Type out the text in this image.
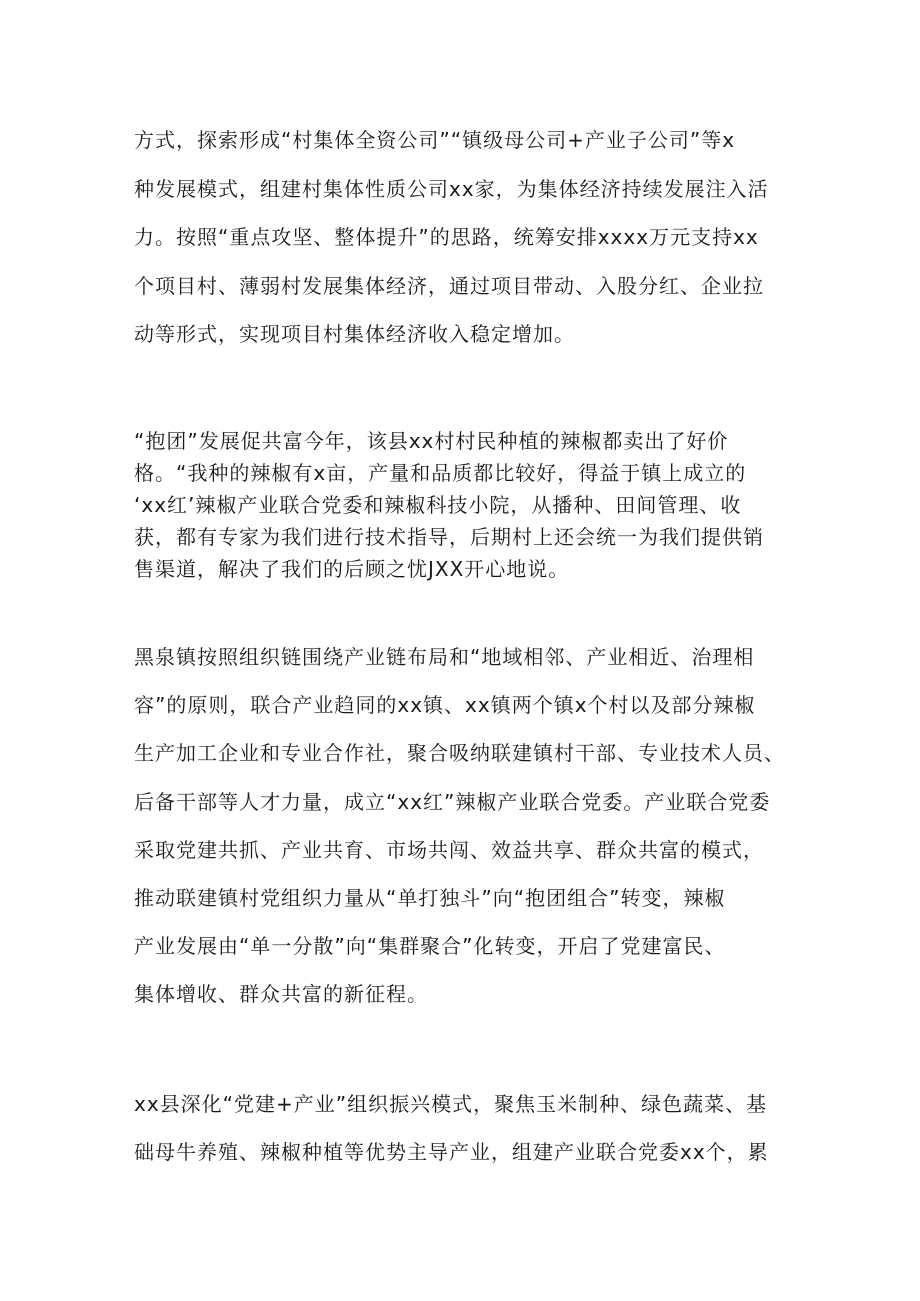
方式，探索形成“村集体全资公司”“镇级母公司+产业子公司”等x
种发展模式，组建村集体性质公司xx家，为集体经济持续发展注入活
力。按照“重点攻坚、整体提升”的思路，统筹安排xxxx万元支持xx
个项目村、薄弱村发展集体经济，通过项目带动、入股分红、企业拉
动等形式，实现项目村集体经济收入稳定增加。

“抱团”发展促共富今年，该县xx村村民种植的辣椒都卖出了好价
格。“我种的辣椒有x亩，产量和品质都比较好，得益于镇上成立的
‘xx红’辣椒产业联合党委和辣椒科技小院，从播种、田间管理、收
获，都有专家为我们进行技术指导，后期村上还会统一为我们提供销
售渠道，解决了我们的后顾之忧JXX开心地说。

黑泉镇按照组织链围绕产业链布局和“地域相邻、产业相近、治理相
容”的原则，联合产业趋同的xx镇、xx镇两个镇x个村以及部分辣椒
生产加工企业和专业合作社，聚合吸纳联建镇村干部、专业技术人员、
后备干部等人才力量，成立“xx红”辣椒产业联合党委。产业联合党委
采取党建共抓、产业共育、市场共闯、效益共享、群众共富的模式，
推动联建镇村党组织力量从“单打独斗”向“抱团组合”转变，辣椒
产业发展由“单一分散”向“集群聚合”化转变，开启了党建富民、
集体增收、群众共富的新征程。

xx县深化“党建+产业”组织振兴模式，聚焦玉米制种、绿色蔬菜、基
础母牛养殖、辣椒种植等优势主导产业，组建产业联合党委xx个，累
